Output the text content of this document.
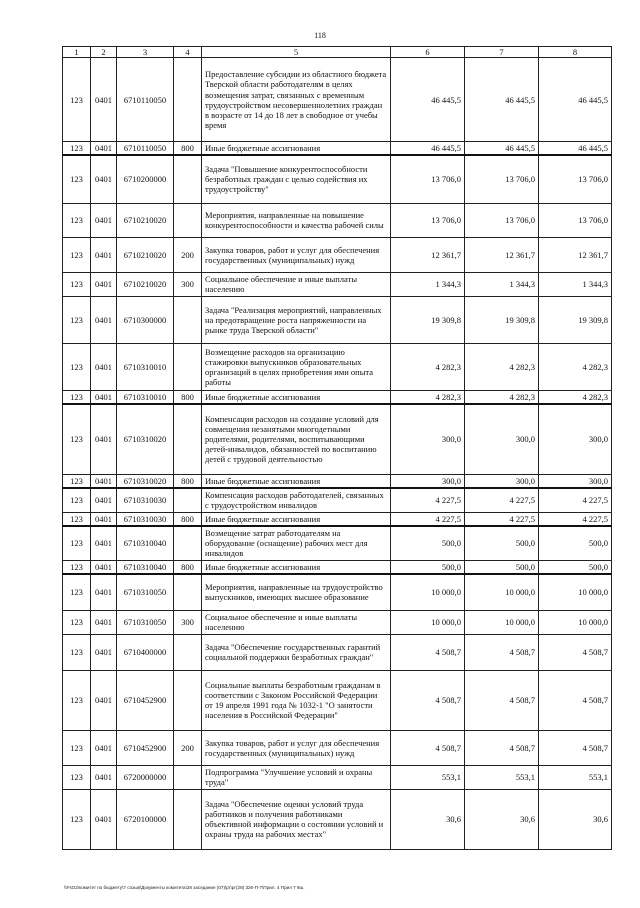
118
1	2	3	4	5	6	7	8
123	0401	6710110050		Предоставление субсидии из областного бюджета Тверской области работодателям в целях возмещения затрат, связанных с временным трудоустройством несовершеннолетних граждан в возрасте от 14 до 18 лет в свободное от учебы время	46 445,5	46 445,5	46 445,5
123	0401	6710110050	800	Иные бюджетные ассигнования	46 445,5	46 445,5	46 445,5
123	0401	6710200000		Задача "Повышение конкурентоспособности безработных граждан с целью содействия их трудоустройству"	13 706,0	13 706,0	13 706,0
123	0401	6710210020		Мероприятия, направленные на повышение конкурентоспособности и качества рабочей силы	13 706,0	13 706,0	13 706,0
123	0401	6710210020	200	Закупка товаров, работ и услуг для обеспечения государственных (муниципальных) нужд	12 361,7	12 361,7	12 361,7
123	0401	6710210020	300	Социальное обеспечение и иные выплаты населению	1 344,3	1 344,3	1 344,3
123	0401	6710300000		Задача "Реализация мероприятий, направленных на предотвращение роста напряженности на рынке труда Тверской области"	19 309,8	19 309,8	19 309,8
123	0401	6710310010		Возмещение расходов на организацию стажировки выпускников образовательных организаций в целях приобретения ими опыта работы	4 282,3	4 282,3	4 282,3
123	0401	6710310010	800	Иные бюджетные ассигнования	4 282,3	4 282,3	4 282,3
123	0401	6710310020		Компенсация расходов на создание условий для совмещения незанятыми многодетными родителями, родителями, воспитывающими детей-инвалидов, обязанностей по воспитанию детей с трудовой деятельностью	300,0	300,0	300,0
123	0401	6710310020	800	Иные бюджетные ассигнования	300,0	300,0	300,0
123	0401	6710310030		Компенсация расходов работодателей, связанных с трудоустройством инвалидов	4 227,5	4 227,5	4 227,5
123	0401	6710310030	800	Иные бюджетные ассигнования	4 227,5	4 227,5	4 227,5
123	0401	6710310040		Возмещение затрат работодателям на оборудование (оснащение) рабочих мест для инвалидов	500,0	500,0	500,0
123	0401	6710310040	800	Иные бюджетные ассигнования	500,0	500,0	500,0
123	0401	6710310050		Мероприятия, направленные на трудоустройство выпускников, имеющих высшее образование	10 000,0	10 000,0	10 000,0
123	0401	6710310050	300	Социальное обеспечение и иные выплаты населению	10 000,0	10 000,0	10 000,0
123	0401	6710400000		Задача "Обеспечение государственных гарантий социальной поддержки безработных граждан"	4 508,7	4 508,7	4 508,7
123	0401	6710452900		Социальные выплаты безработным гражданам в соответствии с Законом Российской Федерации от 19 апреля 1991 года № 1032-1 "О занятости населения в Российской Федерации"	4 508,7	4 508,7	4 508,7
123	0401	6710452900	200	Закупка товаров, работ и услуг для обеспечения государственных (муниципальных) нужд	4 508,7	4 508,7	4 508,7
123	0401	6720000000		Подпрограмма "Улучшение условий и охраны труда"	553,1	553,1	553,1
123	0401	6720100000		Задача "Обеспечение оценки условий труда работников и получения работниками объективной информации о состоянии условий и охраны труда на рабочих местах"	30,6	30,6	30,6
\\FsO2\комитет по бюджету\7 созыв\Документы комитета\28 заседание (07)\рг\рг(28) 326-П-7\Прил. 4 Прил 7 9ш.
